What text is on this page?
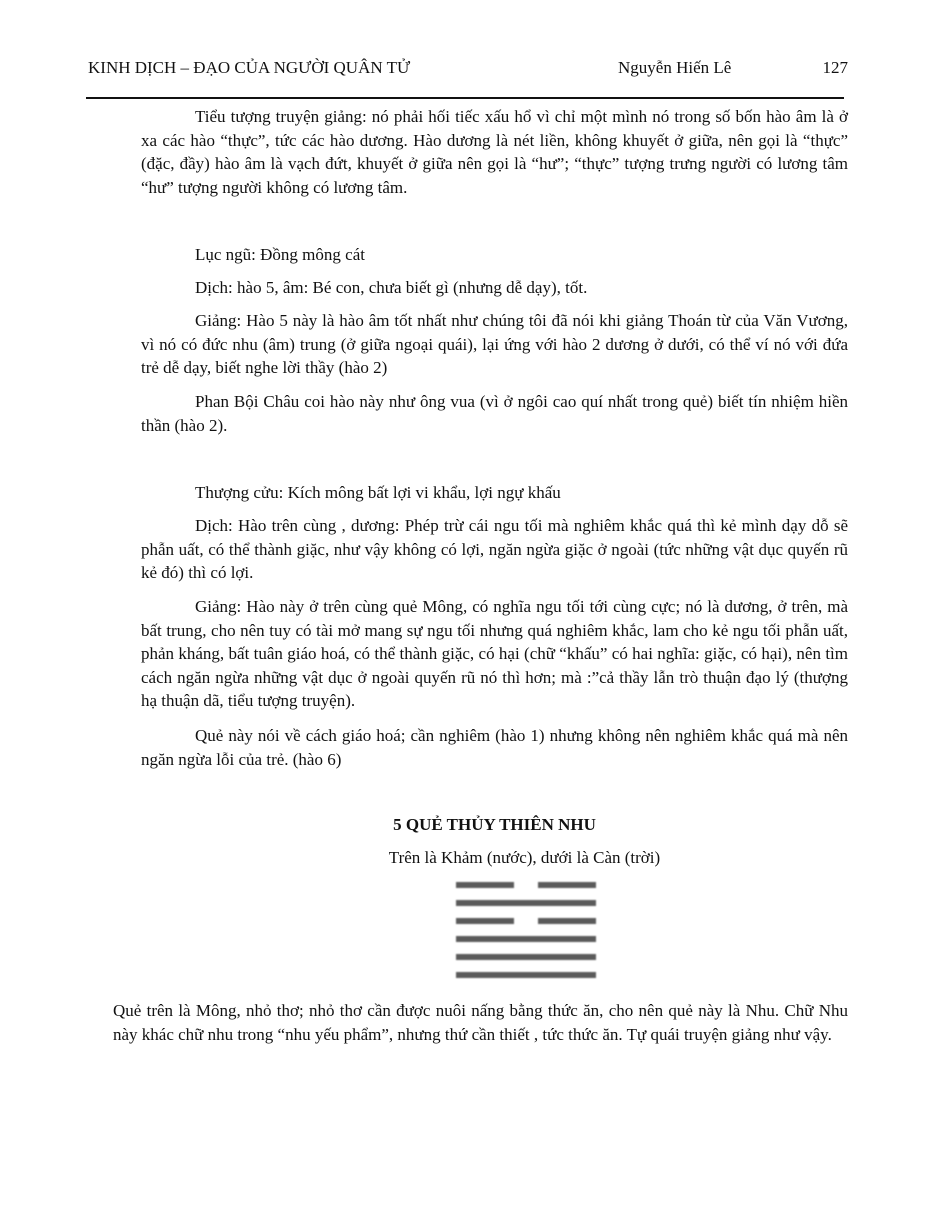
KINH DỊCH – ĐẠO CỦA NGƯỜI QUÂN TỬ	Nguyễn Hiến Lê	127

Tiểu tượng truyện giảng: nó phải hối tiếc xấu hổ vì chỉ một mình nó trong số bốn hào âm là ở xa các hào “thực”, tức các hào dương. Hào dương là nét liền, không khuyết ở giữa, nên gọi là “thực” (đặc, đầy) hào âm là vạch đứt, khuyết ở giữa nên gọi là “hư”; “thực” tượng trưng người có lương tâm “hư” tượng người không có lương tâm.

Lục ngũ: Đồng mông cát

Dịch: hào 5, âm: Bé con, chưa biết gì (nhưng dễ dạy), tốt.

Giảng: Hào 5 này là hào âm tốt nhất như chúng tôi đã nói khi giảng Thoán từ của Văn Vương, vì nó có đức nhu (âm) trung (ở giữa ngoại quái), lại ứng với hào 2 dương ở dưới, có thể ví nó với đứa trẻ dễ dạy, biết nghe lời thầy (hào 2)

Phan Bội Châu coi hào này như ông vua (vì ở ngôi cao quí nhất trong quẻ) biết tín nhiệm hiền thần (hào 2).

Thượng cửu: Kích mông bất lợi vi khẩu, lợi ngự khấu

Dịch: Hào trên cùng , dương: Phép trừ cái ngu tối mà nghiêm khắc quá thì kẻ mình dạy dỗ sẽ phẫn uất, có thể thành giặc, như vậy không có lợi, ngăn ngừa giặc ở ngoài (tức những vật dục quyến rũ kẻ đó) thì có lợi.

Giảng: Hào này ở trên cùng quẻ Mông, có nghĩa ngu tối tới cùng cực; nó là dương, ở trên, mà bất trung, cho nên tuy có tài mở mang sự ngu tối nhưng quá nghiêm khắc, lam cho kẻ ngu tối phẫn uất, phản kháng, bất tuân giáo hoá, có thể thành giặc, có hại (chữ “khấu” có hai nghĩa: giặc, có hại), nên tìm cách ngăn ngừa những vật dục ở ngoài quyến rũ nó thì hơn; mà :”cả thầy lẫn trò thuận đạo lý (thượng hạ thuận dã, tiểu tượng truyện).

Quẻ này nói về cách giáo hoá; cần nghiêm (hào 1) nhưng không nên nghiêm khắc quá mà nên ngăn ngừa lỗi của trẻ. (hào 6)

5 QUẺ THỦY THIÊN NHU

Trên là Khảm (nước), dưới là Càn (trời)

Quẻ trên là Mông, nhỏ thơ; nhỏ thơ cần được nuôi nấng bằng thức ăn, cho nên quẻ này là Nhu. Chữ Nhu này khác chữ nhu trong “nhu yếu phẩm”, nhưng thứ cần thiết , tức thức ăn. Tự quái truyện giảng như vậy.
